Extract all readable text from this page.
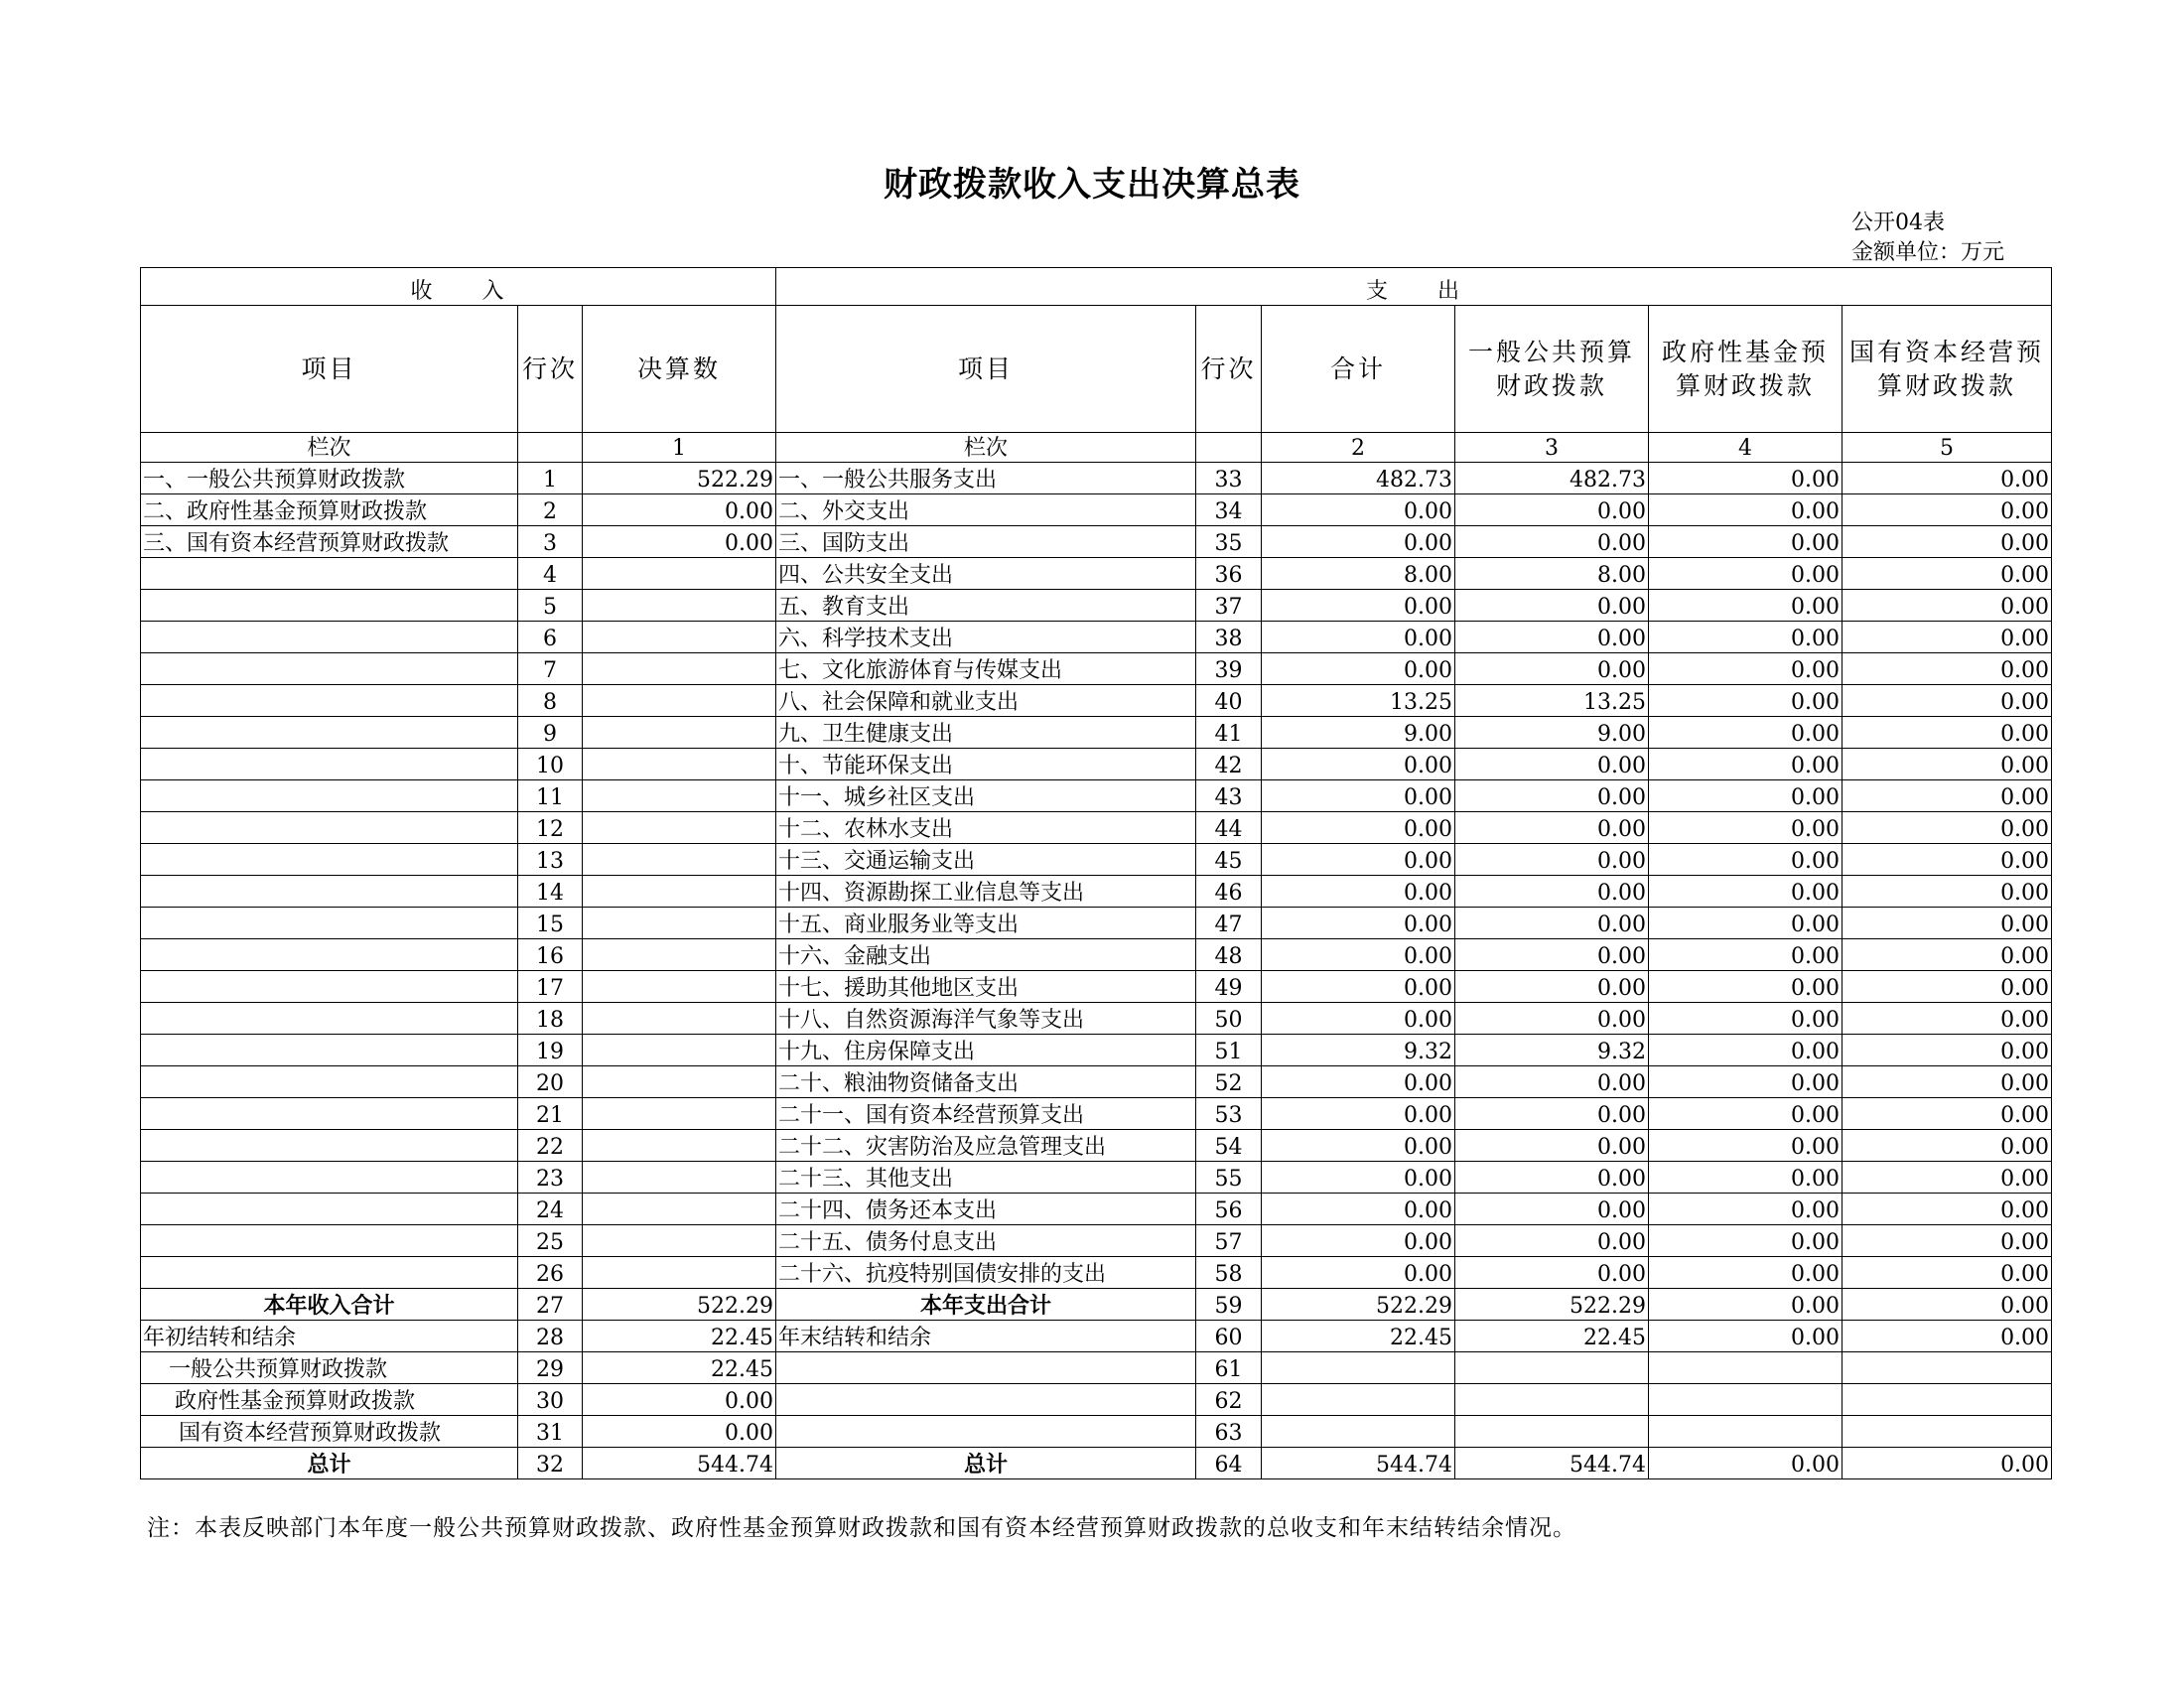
财政拨款收入支出决算总表
公开04表
金额单位：万元
收　　入			支　　出					
项目	行次	决算数	项目	行次	合计	一般公共预算财政拨款	政府性基金预算财政拨款	国有资本经营预算财政拨款
栏次		1	栏次		2	3	4	5
一、一般公共预算财政拨款	1	522.29	一、一般公共服务支出	33	482.73	482.73	0.00	0.00
二、政府性基金预算财政拨款	2	0.00	二、外交支出	34	0.00	0.00	0.00	0.00
三、国有资本经营预算财政拨款	3	0.00	三、国防支出	35	0.00	0.00	0.00	0.00
	4		四、公共安全支出	36	8.00	8.00	0.00	0.00
	5		五、教育支出	37	0.00	0.00	0.00	0.00
	6		六、科学技术支出	38	0.00	0.00	0.00	0.00
	7		七、文化旅游体育与传媒支出	39	0.00	0.00	0.00	0.00
	8		八、社会保障和就业支出	40	13.25	13.25	0.00	0.00
	9		九、卫生健康支出	41	9.00	9.00	0.00	0.00
	10		十、节能环保支出	42	0.00	0.00	0.00	0.00
	11		十一、城乡社区支出	43	0.00	0.00	0.00	0.00
	12		十二、农林水支出	44	0.00	0.00	0.00	0.00
	13		十三、交通运输支出	45	0.00	0.00	0.00	0.00
	14		十四、资源勘探工业信息等支出	46	0.00	0.00	0.00	0.00
	15		十五、商业服务业等支出	47	0.00	0.00	0.00	0.00
	16		十六、金融支出	48	0.00	0.00	0.00	0.00
	17		十七、援助其他地区支出	49	0.00	0.00	0.00	0.00
	18		十八、自然资源海洋气象等支出	50	0.00	0.00	0.00	0.00
	19		十九、住房保障支出	51	9.32	9.32	0.00	0.00
	20		二十、粮油物资储备支出	52	0.00	0.00	0.00	0.00
	21		二十一、国有资本经营预算支出	53	0.00	0.00	0.00	0.00
	22		二十二、灾害防治及应急管理支出	54	0.00	0.00	0.00	0.00
	23		二十三、其他支出	55	0.00	0.00	0.00	0.00
	24		二十四、债务还本支出	56	0.00	0.00	0.00	0.00
	25		二十五、债务付息支出	57	0.00	0.00	0.00	0.00
	26		二十六、抗疫特别国债安排的支出	58	0.00	0.00	0.00	0.00
本年收入合计	27	522.29	本年支出合计	59	522.29	522.29	0.00	0.00
年初结转和结余	28	22.45	年末结转和结余	60	22.45	22.45	0.00	0.00
一般公共预算财政拨款	29	22.45		61				
政府性基金预算财政拨款	30	0.00		62				
国有资本经营预算财政拨款	31	0.00		63				
总计	32	544.74	总计	64	544.74	544.74	0.00	0.00
注：本表反映部门本年度一般公共预算财政拨款、政府性基金预算财政拨款和国有资本经营预算财政拨款的总收支和年末结转结余情况。
